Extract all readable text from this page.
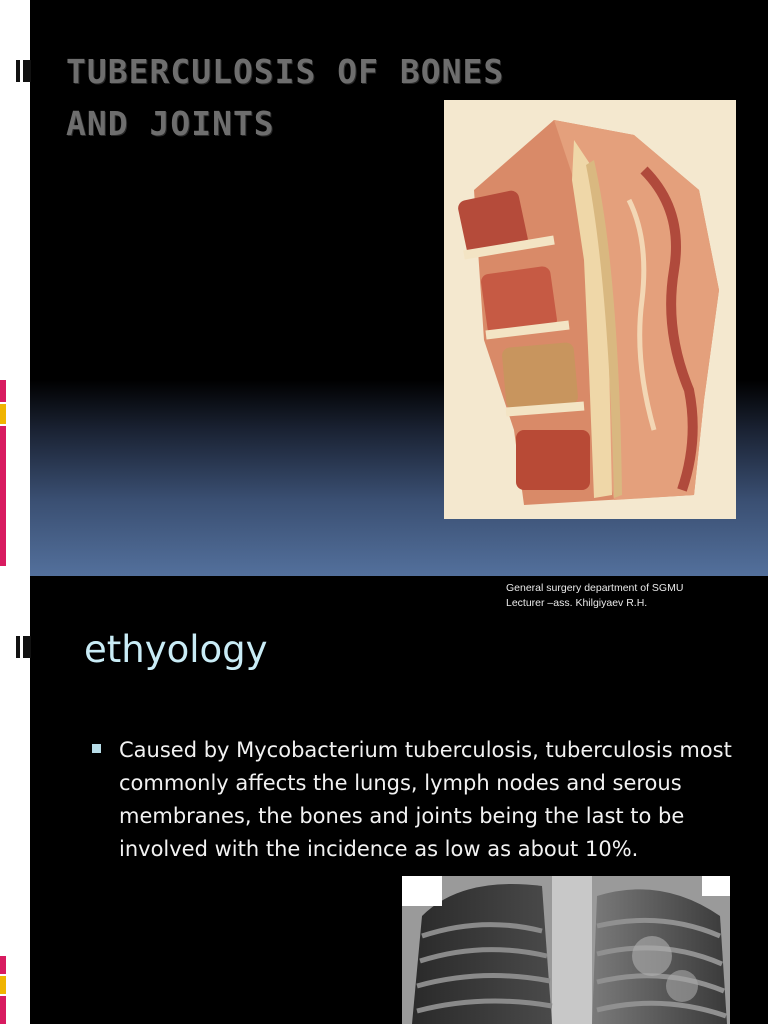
TUBERCULOSIS OF BONES
AND JOINTS
General surgery department of SGMU
Lecturer –ass. Khilgiyaev R.H.
ethyology
Caused by Mycobacterium tuberculosis, tuberculosis most commonly affects the lungs, lymph nodes and serous membranes, the bones and joints being the last to be involved with the incidence as low as about 10%.
